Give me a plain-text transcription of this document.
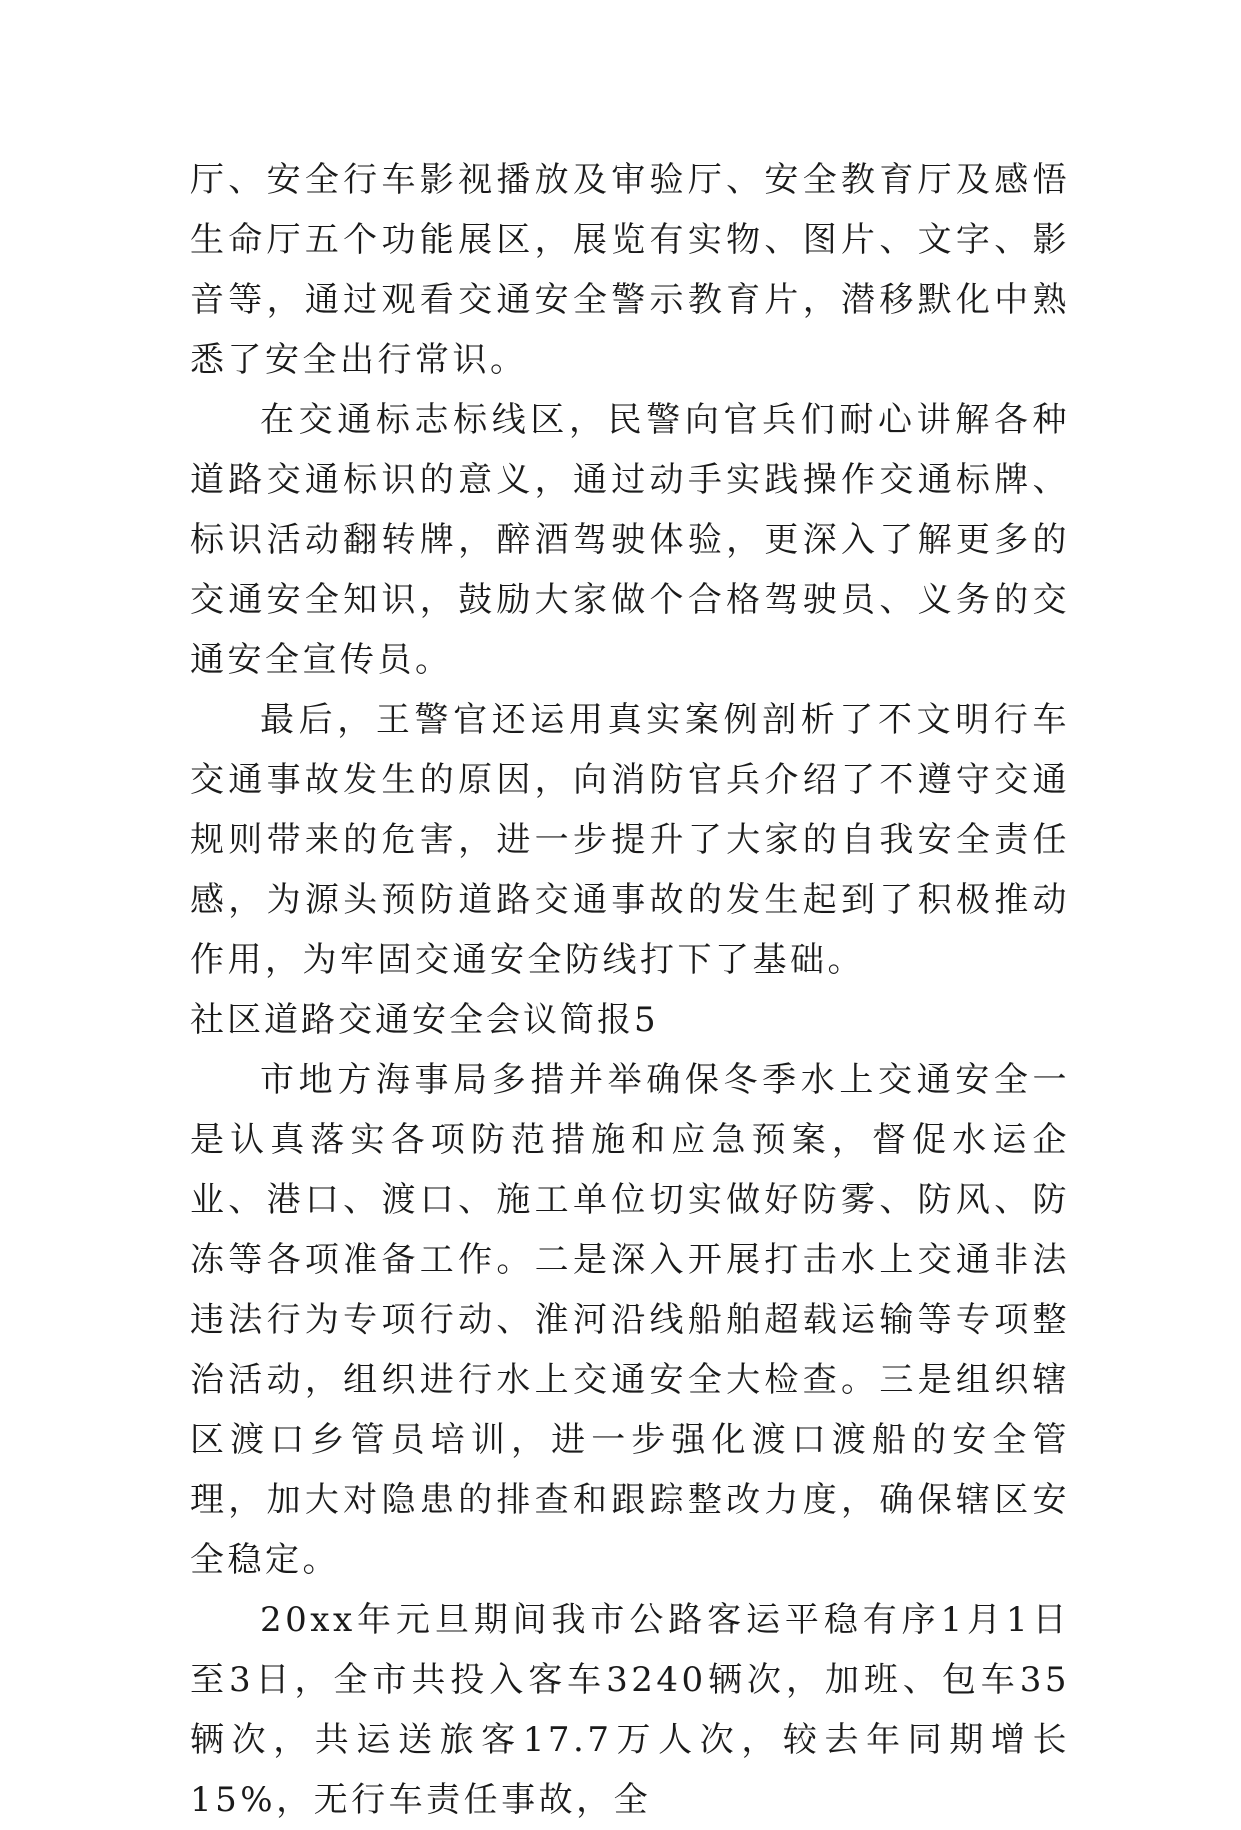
厅、安全行车影视播放及审验厅、安全教育厅及感悟生命厅五个功能展区，展览有实物、图片、文字、影音等，通过观看交通安全警示教育片，潜移默化中熟悉了安全出行常识。

在交通标志标线区，民警向官兵们耐心讲解各种道路交通标识的意义，通过动手实践操作交通标牌、标识活动翻转牌，醉酒驾驶体验，更深入了解更多的交通安全知识，鼓励大家做个合格驾驶员、义务的交通安全宣传员。

最后，王警官还运用真实案例剖析了不文明行车交通事故发生的原因，向消防官兵介绍了不遵守交通规则带来的危害，进一步提升了大家的自我安全责任感，为源头预防道路交通事故的发生起到了积极推动作用，为牢固交通安全防线打下了基础。

社区道路交通安全会议简报5

市地方海事局多措并举确保冬季水上交通安全一是认真落实各项防范措施和应急预案，督促水运企业、港口、渡口、施工单位切实做好防雾、防风、防冻等各项准备工作。二是深入开展打击水上交通非法违法行为专项行动、淮河沿线船舶超载运输等专项整治活动，组织进行水上交通安全大检查。三是组织辖区渡口乡管员培训，进一步强化渡口渡船的安全管理，加大对隐患的排查和跟踪整改力度，确保辖区安全稳定。

20xx年元旦期间我市公路客运平稳有序1月1日至3日，全市共投入客车3240辆次，加班、包车35辆次，共运送旅客17.7万人次，较去年同期增长15%，无行车责任事故，全
